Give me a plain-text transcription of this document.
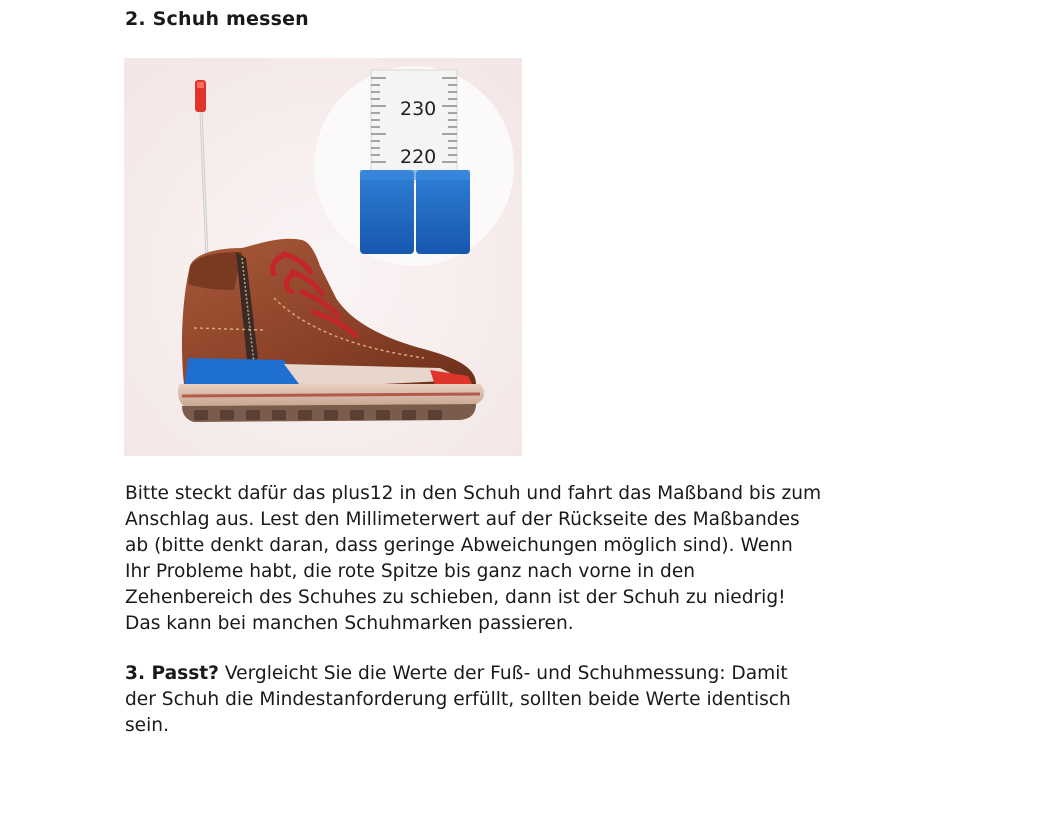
2. Schuh messen
230
220

Bitte steckt dafür das plus12 in den Schuh und fahrt das Maßband bis zum
Anschlag aus. Lest den Millimeterwert auf der Rückseite des Maßbandes
ab (bitte denkt daran, dass geringe Abweichungen möglich sind). Wenn
Ihr Probleme habt, die rote Spitze bis ganz nach vorne in den
Zehenbereich des Schuhes zu schieben, dann ist der Schuh zu niedrig!
Das kann bei manchen Schuhmarken passieren.

3. Passt? Vergleicht Sie die Werte der Fuß- und Schuhmessung: Damit
der Schuh die Mindestanforderung erfüllt, sollten beide Werte identisch
sein.
